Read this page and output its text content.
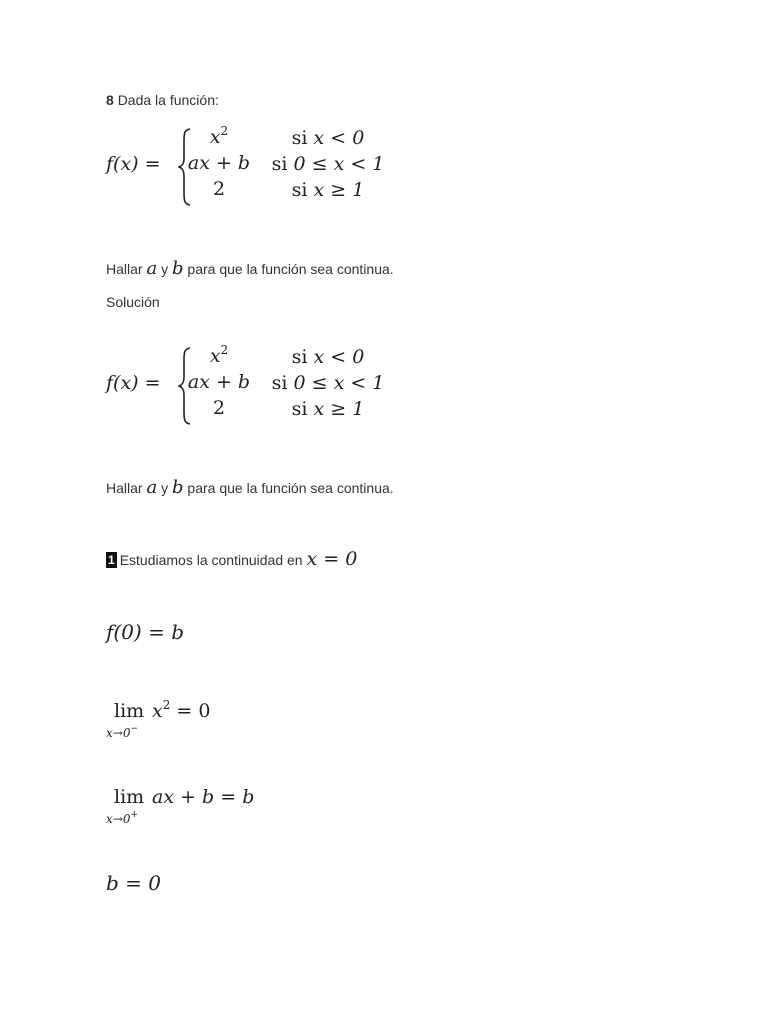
8 Dada la función:
f(x) =
$x^2$
ax + b
2
si x < 0
si 0 ≤ x < 1
si x ≥ 1
Hallar a y b para que la función sea continua.
Solución
f(x) =
$x^2$
ax + b
2
si x < 0
si 0 ≤ x < 1
si x ≥ 1
Hallar a y b para que la función sea continua.
1 Estudiamos la continuidad en x = 0
f(0) = b
lim
x→0−
$x^2 = 0$
lim
x→0+
ax + b = b
b = 0
